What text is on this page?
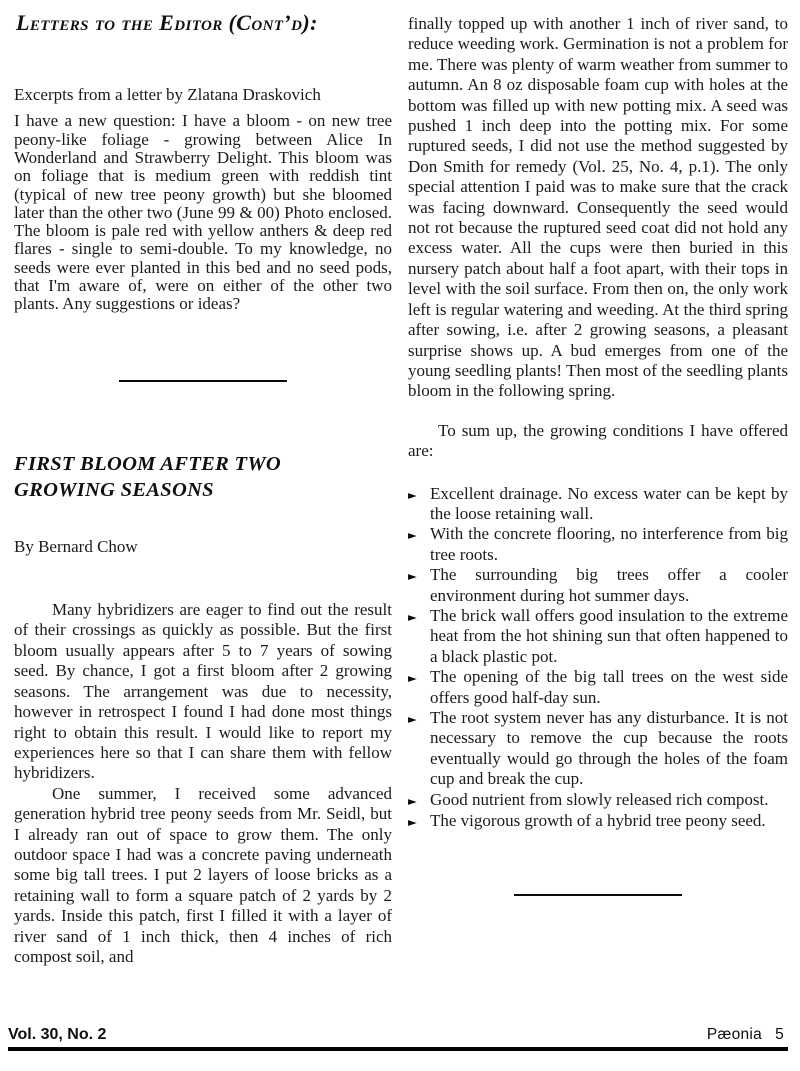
Letters to the Editor (Cont’d):
Excerpts from a letter by Zlatana Draskovich

I have a new question: I have a bloom - on new tree peony-like foliage - growing between Alice In Wonderland and Strawberry Delight. This bloom was on foliage that is medium green with reddish tint (typical of new tree peony growth) but she bloomed later than the other two (June 99 & 00) Photo enclosed. The bloom is pale red with yellow anthers & deep red flares - single to semi-double. To my knowledge, no seeds were ever planted in this bed and no seed pods, that I'm aware of, were on either of the other two plants. Any suggestions or ideas?

FIRST BLOOM AFTER TWO GROWING SEASONS
By Bernard Chow

Many hybridizers are eager to find out the result of their crossings as quickly as possible. But the first bloom usually appears after 5 to 7 years of sowing seed. By chance, I got a first bloom after 2 growing seasons. The arrangement was due to necessity, however in retrospect I found I had done most things right to obtain this result. I would like to report my experiences here so that I can share them with fellow hybridizers.

One summer, I received some advanced generation hybrid tree peony seeds from Mr. Seidl, but I already ran out of space to grow them. The only outdoor space I had was a concrete paving underneath some big tall trees. I put 2 layers of loose bricks as a retaining wall to form a square patch of 2 yards by 2 yards. Inside this patch, first I filled it with a layer of river sand of 1 inch thick, then 4 inches of rich compost soil, and

finally topped up with another 1 inch of river sand, to reduce weeding work. Germination is not a problem for me. There was plenty of warm weather from summer to autumn. An 8 oz disposable foam cup with holes at the bottom was filled up with new potting mix. A seed was pushed 1 inch deep into the potting mix. For some ruptured seeds, I did not use the method suggested by Don Smith for remedy (Vol. 25, No. 4, p.1). The only special attention I paid was to make sure that the crack was facing downward. Consequently the seed would not rot because the ruptured seed coat did not hold any excess water. All the cups were then buried in this nursery patch about half a foot apart, with their tops in level with the soil surface. From then on, the only work left is regular watering and weeding. At the third spring after sowing, i.e. after 2 growing seasons, a pleasant surprise shows up. A bud emerges from one of the young seedling plants! Then most of the seedling plants bloom in the following spring.

To sum up, the growing conditions I have offered are:

► Excellent drainage. No excess water can be kept by the loose retaining wall.
► With the concrete flooring, no interference from big tree roots.
► The surrounding big trees offer a cooler environment during hot summer days.
► The brick wall offers good insulation to the extreme heat from the hot shining sun that often happened to a black plastic pot.
► The opening of the big tall trees on the west side offers good half-day sun.
► The root system never has any disturbance. It is not necessary to remove the cup because the roots eventually would go through the holes of the foam cup and break the cup.
► Good nutrient from slowly released rich compost.
► The vigorous growth of a hybrid tree peony seed.
Vol. 30, No. 2	Pæonia 5
